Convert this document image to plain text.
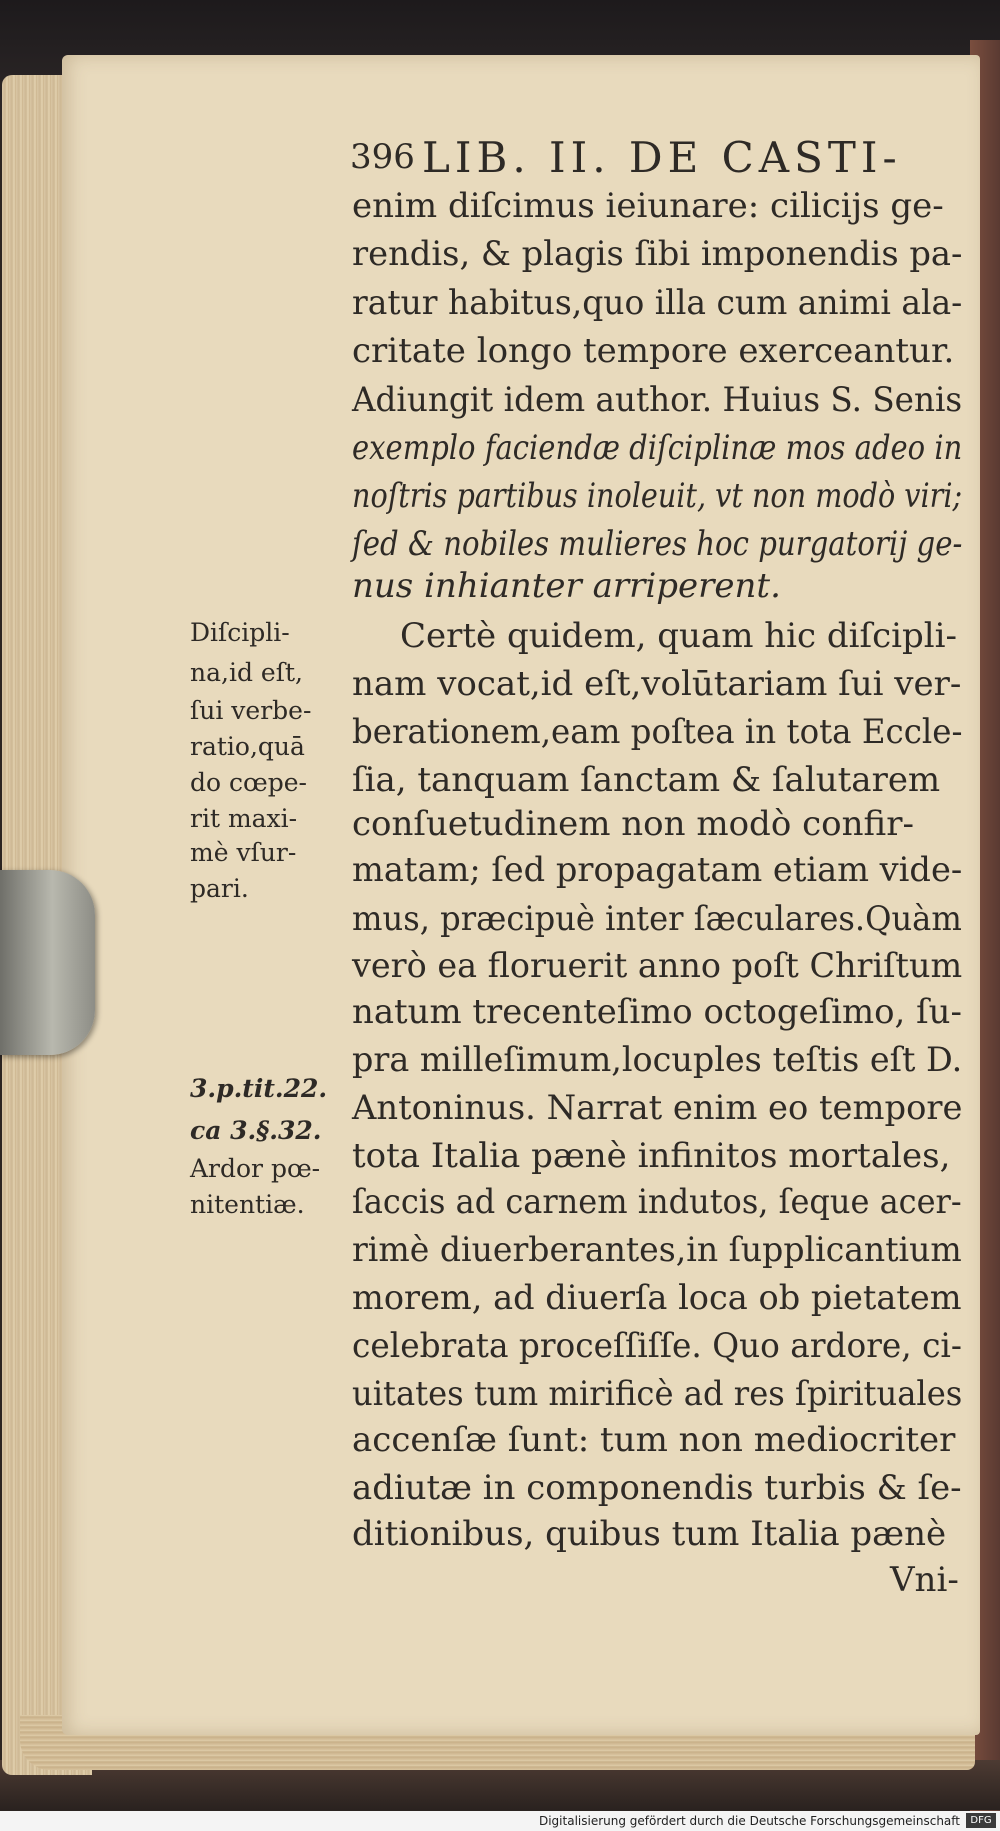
396 LIB. II. DE CASTI-
enim diſcimus ieiunare: cilicijs ge-
rendis, & plagis ſibi imponendis pa-
ratur habitus,quo illa cum animi ala-
critate longo tempore exerceantur.
Adiungit idem author. Huius S. Senis
exemplo faciendæ diſciplinæ mos adeo in
noſtris partibus inoleuit, vt non modò viri;
ſed & nobiles mulieres hoc purgatorij ge-
nus inhianter arriperent.
Certè quidem, quam hic diſcipli-
nam vocat,id eſt,volūtariam ſui ver-
berationem,eam poſtea in tota Eccle-
ſia, tanquam ſanctam & ſalutarem
conſuetudinem non modò confir-
matam; ſed propagatam etiam vide-
mus, præcipuè inter ſæculares.Quàm
verò ea floruerit anno poſt Chriſtum
natum trecenteſimo octogeſimo, ſu-
pra milleſimum,locuples teſtis eſt D.
Antoninus. Narrat enim eo tempore
tota Italia pænè infinitos mortales,
ſaccis ad carnem indutos, ſeque acer-
rimè diuerberantes,in ſupplicantium
morem, ad diuerſa loca ob pietatem
celebrata proceſſiſſe. Quo ardore, ci-
uitates tum mirificè ad res ſpirituales
accenſæ ſunt: tum non mediocriter
adiutæ in componendis turbis & ſe-
ditionibus, quibus tum Italia pænè
Vni-
Diſcipli-
na,id eſt,
ſui verbe-
ratio,quā
do cœpe-
rit maxi-
mè vſur-
pari.
3.p.tit.22.
ca 3.§.32.
Ardor pœ-
nitentiæ.
Digitalisierung gefördert durch die Deutsche Forschungsgemeinschaft	DFG
